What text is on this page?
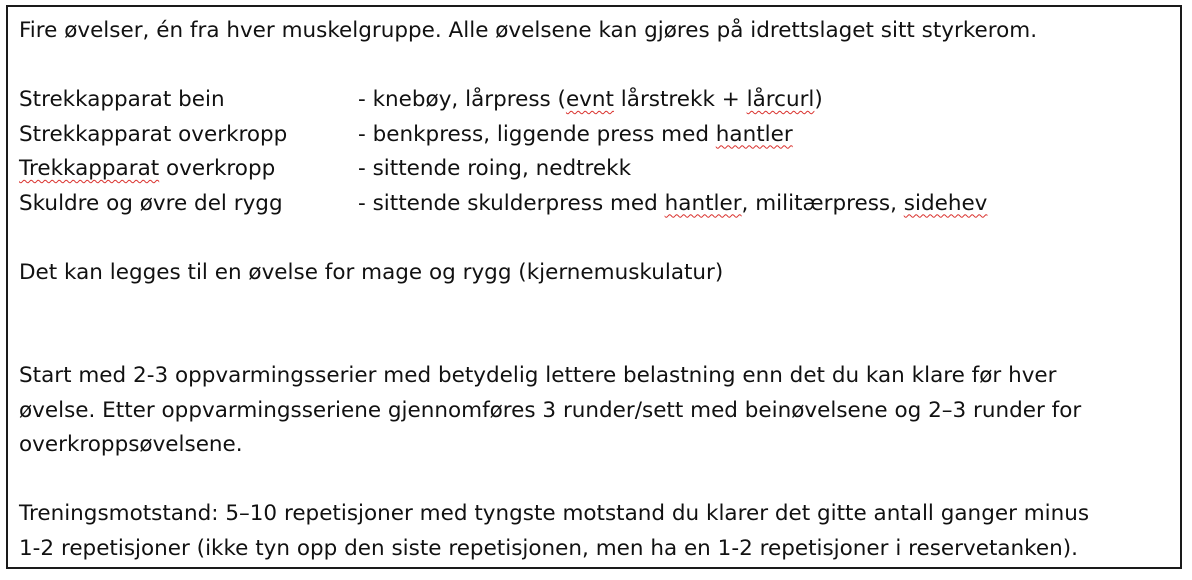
Fire øvelser, én fra hver muskelgruppe. Alle øvelsene kan gjøres på idrettslaget sitt styrkerom.
Strekkapparat bein	- knebøy, lårpress (evnt lårstrekk + lårcurl)
Strekkapparat overkropp	- benkpress, liggende press med hantler
Trekkapparat overkropp	- sittende roing, nedtrekk
Skuldre og øvre del rygg	- sittende skulderpress med hantler, militærpress, sidehev
Det kan legges til en øvelse for mage og rygg (kjernemuskulatur)
Start med 2-3 oppvarmingsserier med betydelig lettere belastning enn det du kan klare før hver
øvelse. Etter oppvarmingsseriene gjennomføres 3 runder/sett med beinøvelsene og 2–3 runder for
overkroppsøvelsene.
Treningsmotstand: 5–10 repetisjoner med tyngste motstand du klarer det gitte antall ganger minus
1-2 repetisjoner (ikke tyn opp den siste repetisjonen, men ha en 1-2 repetisjoner i reservetanken).
